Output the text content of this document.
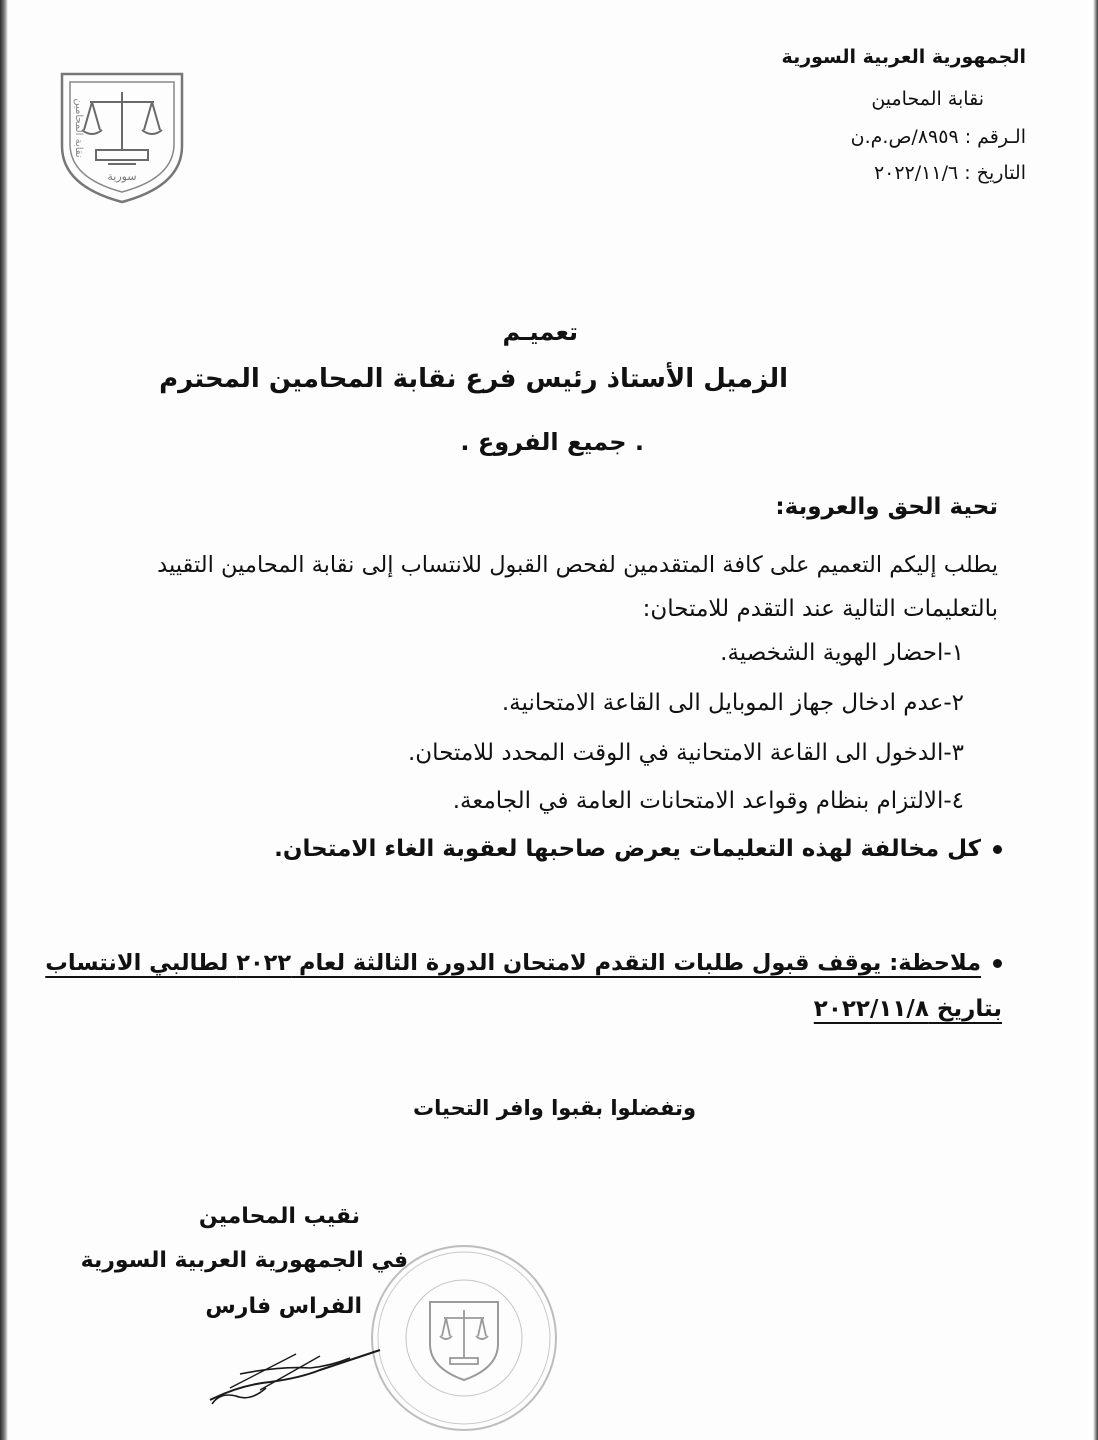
سورية
نقابة المحامين
الجمهورية العربية السورية
نقابة المحامين
الـرقم : ٨٩٥٩/ص.م.ن
التاريخ : ٢٠٢٢/١١/٦
تعميـم
الزميل الأستاذ رئيس فرع نقابة المحامين المحترم
. جميع الفروع .
تحية الحق والعروبة:
يطلب إليكم التعميم على كافة المتقدمين لفحص القبول للانتساب إلى نقابة المحامين التقييد
بالتعليمات التالية عند التقدم للامتحان:
١-احضار الهوية الشخصية.
٢-عدم ادخال جهاز الموبايل الى القاعة الامتحانية.
٣-الدخول الى القاعة الامتحانية في الوقت المحدد للامتحان.
٤-الالتزام بنظام وقواعد الامتحانات العامة في الجامعة.
كل مخالفة لهذه التعليمات يعرض صاحبها لعقوبة الغاء الامتحان.
ملاحظة: يوقف قبول طلبات التقدم لامتحان الدورة الثالثة لعام ٢٠٢٢ لطالبي الانتساب
بتاريخ ٢٠٢٢/١١/٨
وتفضلوا بقبوا وافر التحيات
نقيب المحامين
في الجمهورية العربية السورية
الفراس فارس
